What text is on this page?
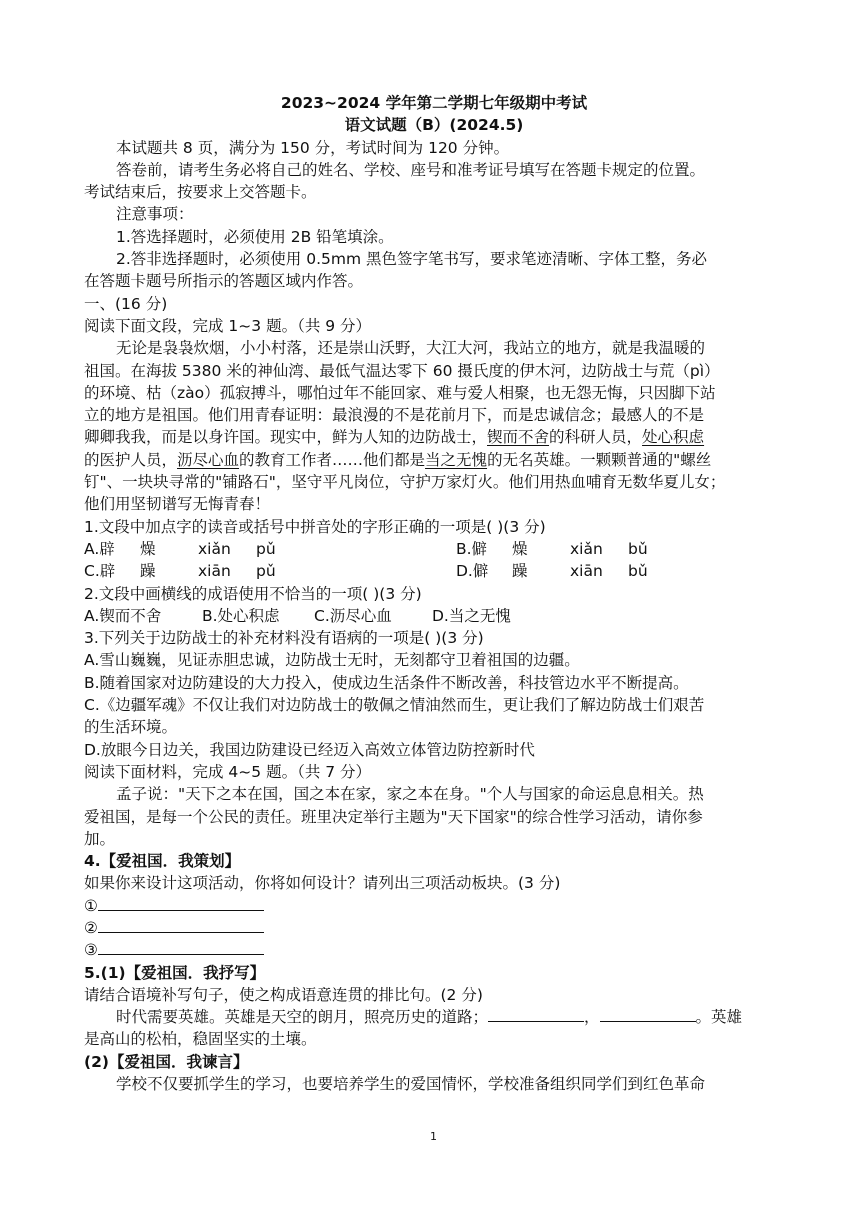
2023~2024 学年第二学期七年级期中考试
语文试题（B）(2024.5)
本试题共 8 页，满分为 150 分，考试时间为 120 分钟。
答卷前，请考生务必将自己的姓名、学校、座号和准考证号填写在答题卡规定的位置。
考试结束后，按要求上交答题卡。
注意事项：
1.答选择题时，必须使用 2B 铅笔填涂。
2.答非选择题时，必须使用 0.5mm 黑色签字笔书写，要求笔迹清晰、字体工整，务必
在答题卡题号所指示的答题区域内作答。
一、(16 分)
阅读下面文段，完成 1~3 题。（共 9 分）
无论是袅袅炊烟，小小村落，还是崇山沃野，大江大河，我站立的地方，就是我温暖的
祖国。在海拔 5380 米的神仙湾、最低气温达零下 60 摄氏度的伊木河，边防战士与荒（pì）
的环境、枯（zào）孤寂搏斗，哪怕过年不能回家、难与爱人相聚，也无怨无悔，只因脚下站
立的地方是祖国。他们用青春证明：最浪漫的不是花前月下，而是忠诚信念；最感人的不是
卿卿我我，而是以身许国。现实中，鲜为人知的边防战士，锲而不舍的科研人员，处心积虑
的医护人员，沥尽心血的教育工作者……他们都是当之无愧的无名英雄。一颗颗普通的"螺丝
钉"、一块块寻常的"铺路石"，坚守平凡岗位，守护万家灯火。他们用热血哺育无数华夏儿女；
他们用坚韧谱写无悔青春！
1.文段中加点字的读音或括号中拼音处的字形正确的一项是( )(3 分)
A.辟 燥	xiǎn pǔ	B.僻 燥	xiǎn bǔ
C.辟 躁	xiān pǔ	D.僻 躁	xiān bǔ
2.文段中画横线的成语使用不恰当的一项( )(3 分)
A.锲而不舍	B.处心积虑 C.沥尽心血	D.当之无愧
3.下列关于边防战士的补充材料没有语病的一项是( )(3 分)
A.雪山巍巍，见证赤胆忠诚，边防战士无时，无刻都守卫着祖国的边疆。
B.随着国家对边防建设的大力投入，使成边生活条件不断改善，科技管边水平不断提高。
C.《边疆军魂》不仅让我们对边防战士的敬佩之情油然而生，更让我们了解边防战士们艰苦
的生活环境。
D.放眼今日边关，我国边防建设已经迈入高效立体管边防控新时代
阅读下面材料，完成 4~5 题。（共 7 分）
孟子说："天下之本在国，国之本在家，家之本在身。"个人与国家的命运息息相关。热
爱祖国，是每一个公民的责任。班里决定举行主题为"天下国家"的综合性学习活动，请你参
加。
4.【爱祖国．我策划】
如果你来设计这项活动，你将如何设计？请列出三项活动板块。(3 分)
①
②
③
5.(1)【爱祖国．我抒写】
请结合语境补写句子，使之构成语意连贯的排比句。(2 分)
时代需要英雄。英雄是天空的朗月，照亮历史的道路；	，	。英雄
是高山的松柏，稳固坚实的土壤。
(2)【爱祖国．我谏言】
学校不仅要抓学生的学习，也要培养学生的爱国情怀，学校准备组织同学们到红色革命
1
